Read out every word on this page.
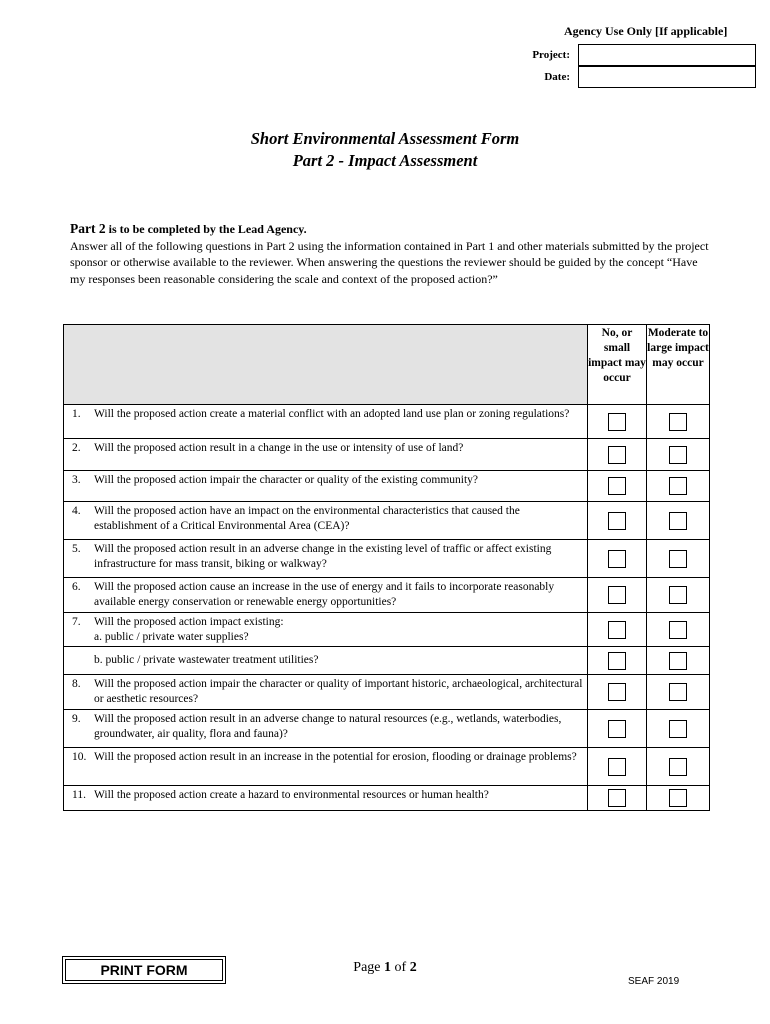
Agency Use Only [If applicable]
Project:
Date:
Short Environmental Assessment Form
Part 2 - Impact Assessment
Part 2 is to be completed by the Lead Agency.
Answer all of the following questions in Part 2 using the information contained in Part 1 and other materials submitted by the project sponsor or otherwise available to the reviewer. When answering the questions the reviewer should be guided by the concept “Have my responses been reasonable considering the scale and context of the proposed action?”
	No, or small impact may occur	Moderate to large impact may occur

1. Will the proposed action create a material conflict with an adopted land use plan or zoning regulations?		

2. Will the proposed action result in a change in the use or intensity of use of land?		

3. Will the proposed action impair the character or quality of the existing community?		

4. Will the proposed action have an impact on the environmental characteristics that caused the establishment of a Critical Environmental Area (CEA)?		

5. Will the proposed action result in an adverse change in the existing level of traffic or affect existing infrastructure for mass transit, biking or walkway?		

6. Will the proposed action cause an increase in the use of energy and it fails to incorporate reasonably available energy conservation or renewable energy opportunities?		

7. Will the proposed action impact existing:
a. public / private water supplies?		

b. public / private wastewater treatment utilities?		

8. Will the proposed action impair the character or quality of important historic, archaeological, architectural or aesthetic resources?		

9. Will the proposed action result in an adverse change to natural resources (e.g., wetlands, waterbodies, groundwater, air quality, flora and fauna)?		

10. Will the proposed action result in an increase in the potential for erosion, flooding or drainage problems?		

11. Will the proposed action create a hazard to environmental resources or human health?		

PRINT FORM	Page 1 of 2
SEAF 2019
